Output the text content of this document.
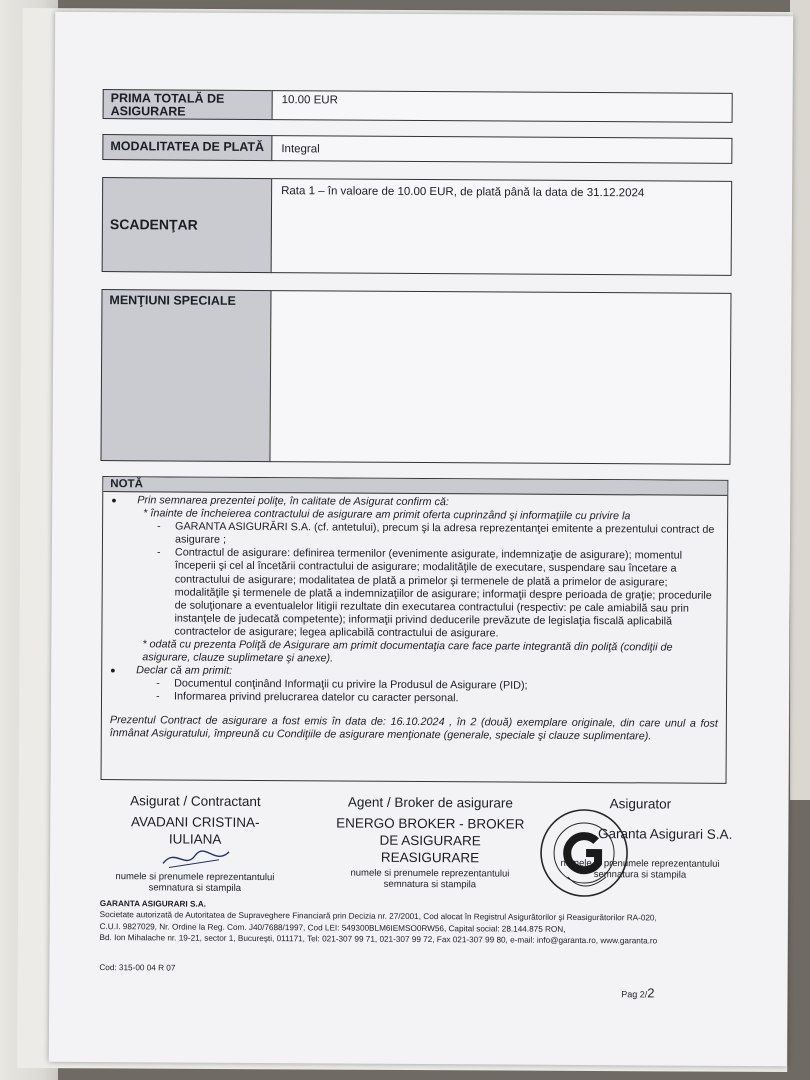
PRIMA TOTALĂ DE ASIGURARE
10.00 EUR
MODALITATEA DE PLATĂ	Integral
SCADENŢAR
Rata 1 – în valoare de 10.00 EUR, de plată până la data de 31.12.2024
MENŢIUNI SPECIALE
NOTĂ
● Prin semnarea prezentei poliţe, în calitate de Asigurat confirm că:
* înainte de încheierea contractului de asigurare am primit oferta cuprinzând şi informaţiile cu privire la
- GARANTA ASIGURĂRI S.A. (cf. antetului), precum şi la adresa reprezentanţei emitente a prezentului contract de asigurare ;
- Contractul de asigurare: definirea termenilor (evenimente asigurate, indemnizaţie de asigurare); momentul începerii şi cel al încetării contractului de asigurare; modalităţile de executare, suspendare sau încetare a contractului de asigurare; modalitatea de plată a primelor şi termenele de plată a primelor de asigurare; modalităţile şi termenele de plată a indemnizaţiilor de asigurare; informaţii despre perioada de graţie; procedurile de soluţionare a eventualelor litigii rezultate din executarea contractului (respectiv: pe cale amiabilă sau prin instanţele de judecată competente); informaţii privind deducerile prevăzute de legislaţia fiscală aplicabilă contractelor de asigurare; legea aplicabilă contractului de asigurare.
* odată cu prezenta Poliţă de Asigurare am primit documentaţia care face parte integrantă din poliţă (condiţii de asigurare, clauze suplimetare şi anexe).
● Declar că am primit:
- Documentul conţinând Informaţii cu privire la Produsul de Asigurare (PID);
- Informarea privind prelucrarea datelor cu caracter personal.
Prezentul Contract de asigurare a fost emis în data de: 16.10.2024 , în 2 (două) exemplare originale, din care unul a fost înmânat Asiguratului, împreună cu Condiţiile de asigurare menţionate (generale, speciale şi clauze suplimentare).
Asigurat / Contractant
AVADANI CRISTINA-IULIANA
numele si prenumele reprezentantului semnatura si stampila
Agent / Broker de asigurare
ENERGO BROKER - BROKER DE ASIGURARE REASIGURARE
numele si prenumele reprezentantului semnatura si stampila
Asigurator
Garanta Asigurari S.A.
numele si prenumele reprezentantului semnatura si stampila
GARANTA ASIGURARI S.A.
Societate autorizată de Autoritatea de Supraveghere Financiară prin Decizia nr. 27/2001, Cod alocat în Registrul Asigurătorilor şi Reasigurătorilor RA-020,
C.U.I. 9827029, Nr. Ordine la Reg. Com. J40/7688/1997, Cod LEI: 549300BLM6IEMSO0RW56, Capital social: 28.144.875 RON,
Bd. Ion Mihalache nr. 19-21, sector 1, Bucureşti, 011171, Tel: 021-307 99 71, 021-307 99 72, Fax 021-307 99 80, e-mail: info@garanta.ro, www.garanta.ro
Cod: 315-00 04 R 07
Pag 2/2
